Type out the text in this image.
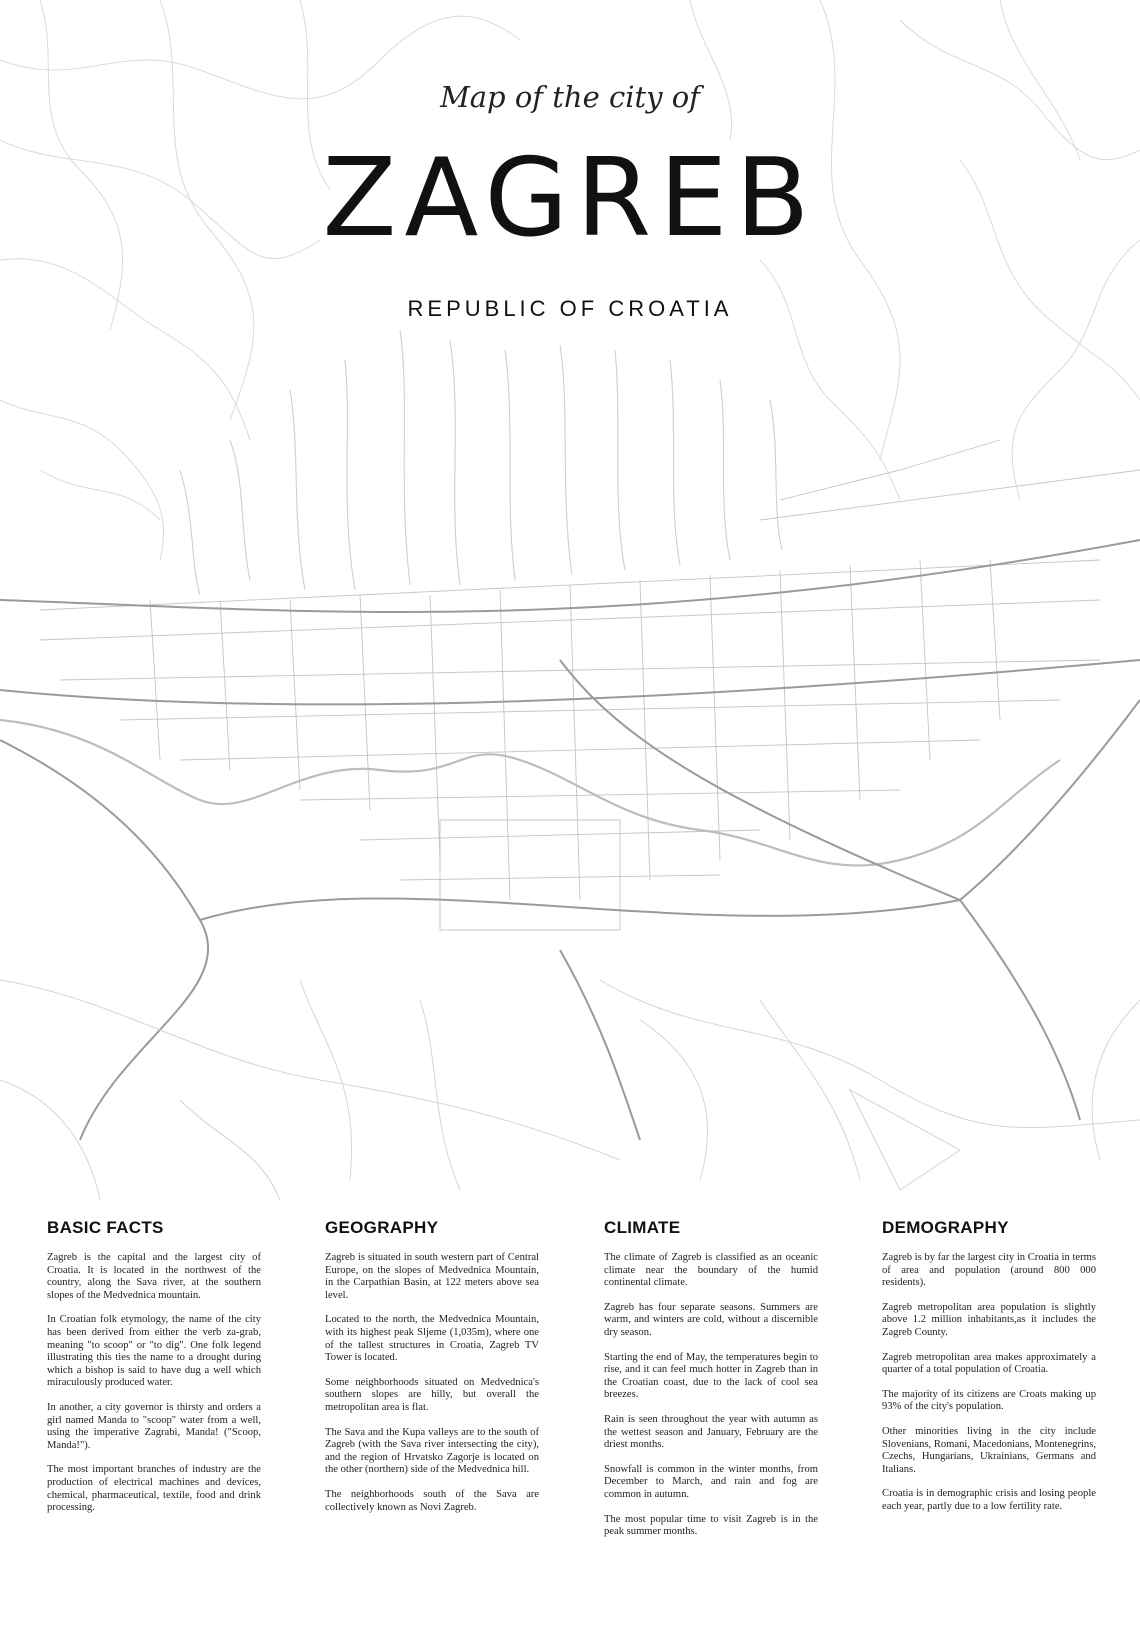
Map of the city of
ZAGREB
REPUBLIC OF CROATIA
BASIC FACTS

Zagreb is the capital and the largest city of Croatia. It is located in the northwest of the country, along the Sava river, at the southern slopes of the Medvednica mountain.

In Croatian folk etymology, the name of the city has been derived from either the verb za-grab, meaning "to scoop" or "to dig". One folk legend illustrating this ties the name to a drought during which a bishop is said to have dug a well which miraculously produced water.

In another, a city governor is thirsty and orders a girl named Manda to "scoop" water from a well, using the imperative Zagrabi, Manda! ("Scoop, Manda!").

The most important branches of industry are the production of electrical machines and devices, chemical, pharmaceutical, textile, food and drink processing.

GEOGRAPHY

Zagreb is situated in south western part of Central Europe, on the slopes of Medvednica Mountain, in the Carpathian Basin, at 122 meters above sea level.

Located to the north, the Medvednica Mountain, with its highest peak Sljeme (1,035m), where one of the tallest structures in Croatia, Zagreb TV Tower is located.

Some neighborhoods situated on Medvednica's southern slopes are hilly, but overall the metropolitan area is flat.

The Sava and the Kupa valleys are to the south of Zagreb (with the Sava river intersecting the city), and the region of Hrvatsko Zagorje is located on the other (northern) side of the Medvednica hill.

The neighborhoods south of the Sava are collectively known as Novi Zagreb.

CLIMATE

The climate of Zagreb is classified as an oceanic climate near the boundary of the humid continental climate.

Zagreb has four separate seasons. Summers are warm, and winters are cold, without a discernible dry season.

Starting the end of May, the temperatures begin to rise, and it can feel much hotter in Zagreb than in the Croatian coast, due to the lack of cool sea breezes.

Rain is seen throughout the year with autumn as the wettest season and January, February are the driest months.

Snowfall is common in the winter months, from December to March, and rain and fog are common in autumn.

The most popular time to visit Zagreb is in the peak summer months.

DEMOGRAPHY

Zagreb is by far the largest city in Croatia in terms of area and population (around 800 000 residents).

Zagreb metropolitan area population is slightly above 1.2 million inhabitants,as it includes the Zagreb County.

Zagreb metropolitan area makes approximately a quarter of a total population of Croatia.

The majority of its citizens are Croats making up 93% of the city's population.

Other minorities living in the city include Slovenians, Romani, Macedonians, Montenegrins, Czechs, Hungarians, Ukrainians, Germans and Italians.

Croatia is in demographic crisis and losing people each year, partly due to a low fertility rate.
